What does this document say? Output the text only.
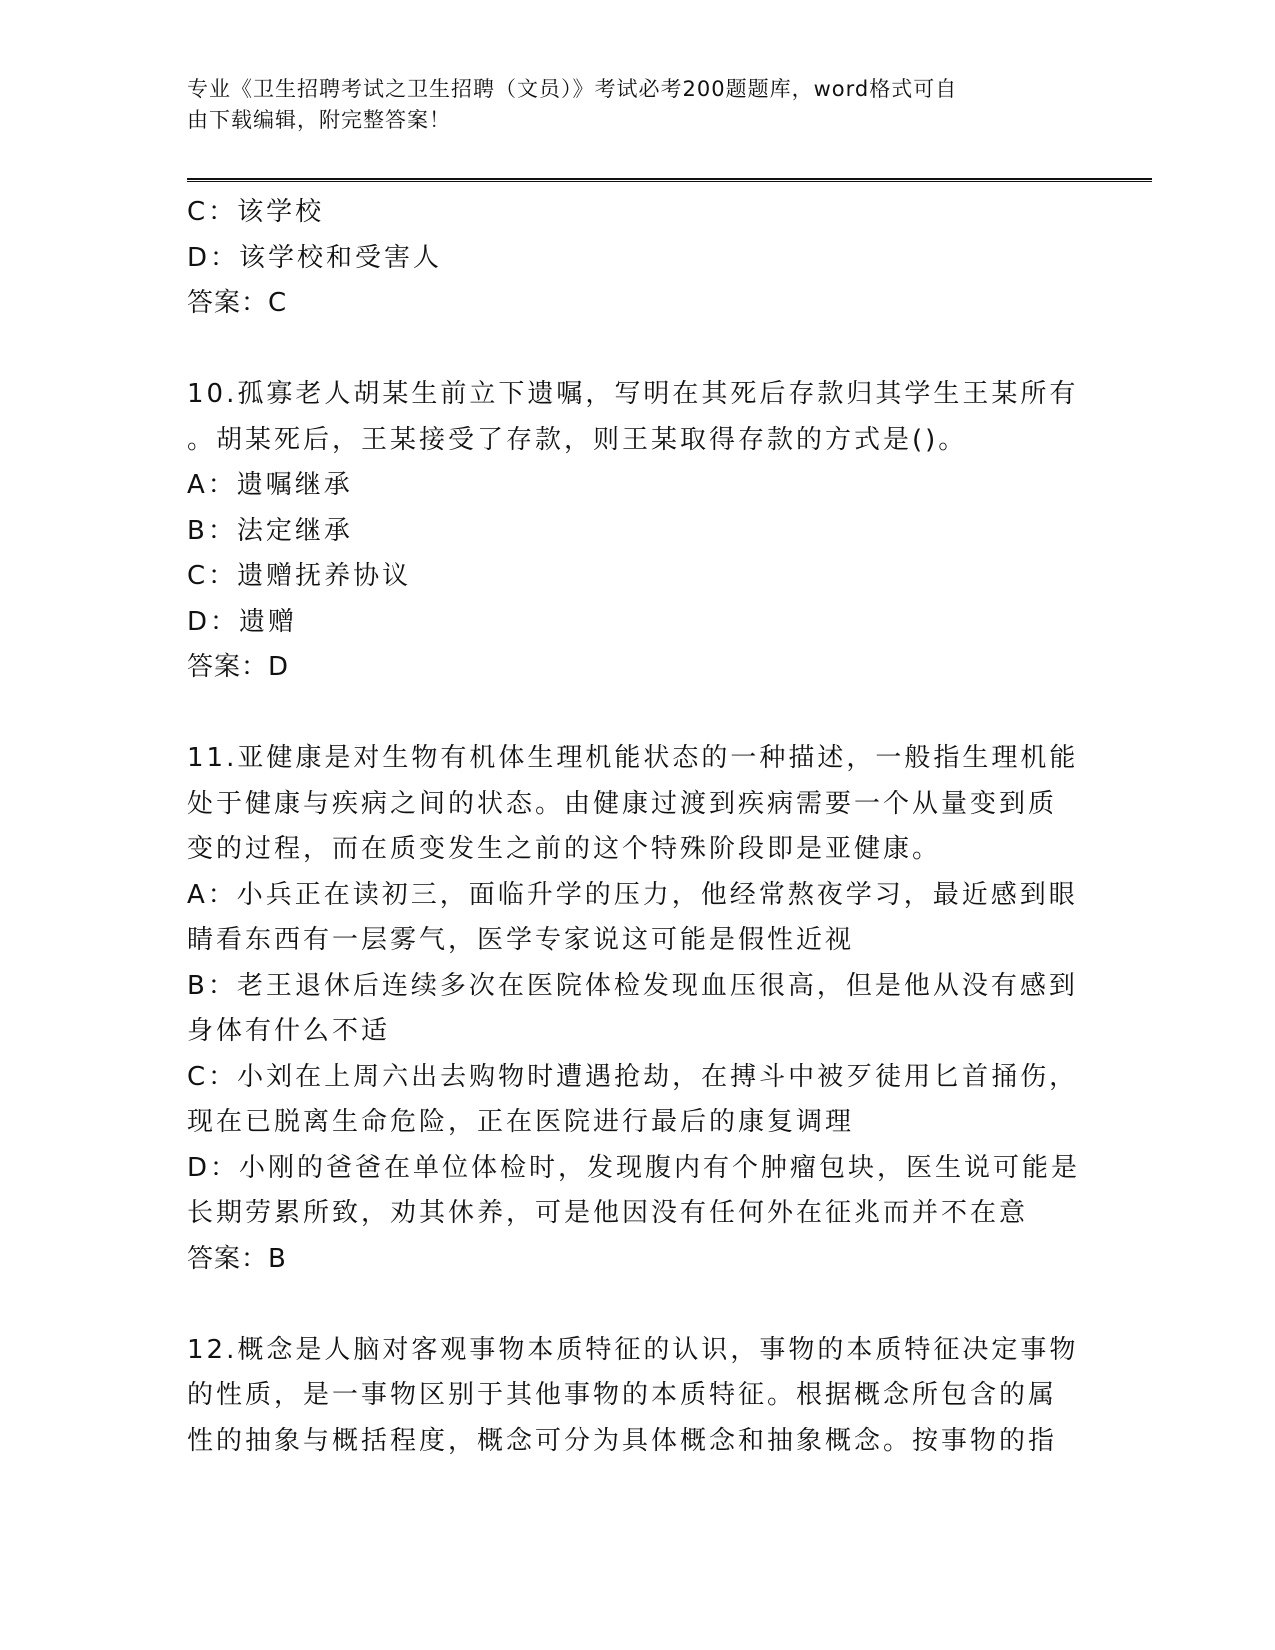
专业《卫生招聘考试之卫生招聘（文员）》考试必考200题题库，word格式可自
由下载编辑，附完整答案！
C：该学校
D：该学校和受害人
答案：C
10.孤寡老人胡某生前立下遗嘱，写明在其死后存款归其学生王某所有
。胡某死后，王某接受了存款，则王某取得存款的方式是()。
A：遗嘱继承
B：法定继承
C：遗赠抚养协议
D：遗赠
答案：D
11.亚健康是对生物有机体生理机能状态的一种描述，一般指生理机能
处于健康与疾病之间的状态。由健康过渡到疾病需要一个从量变到质
变的过程，而在质变发生之前的这个特殊阶段即是亚健康。
A：小兵正在读初三，面临升学的压力，他经常熬夜学习，最近感到眼
睛看东西有一层雾气，医学专家说这可能是假性近视
B：老王退休后连续多次在医院体检发现血压很高，但是他从没有感到
身体有什么不适
C：小刘在上周六出去购物时遭遇抢劫，在搏斗中被歹徒用匕首捅伤，
现在已脱离生命危险，正在医院进行最后的康复调理
D：小刚的爸爸在单位体检时，发现腹内有个肿瘤包块，医生说可能是
长期劳累所致，劝其休养，可是他因没有任何外在征兆而并不在意
答案：B
12.概念是人脑对客观事物本质特征的认识，事物的本质特征决定事物
的性质，是一事物区别于其他事物的本质特征。根据概念所包含的属
性的抽象与概括程度，概念可分为具体概念和抽象概念。按事物的指
